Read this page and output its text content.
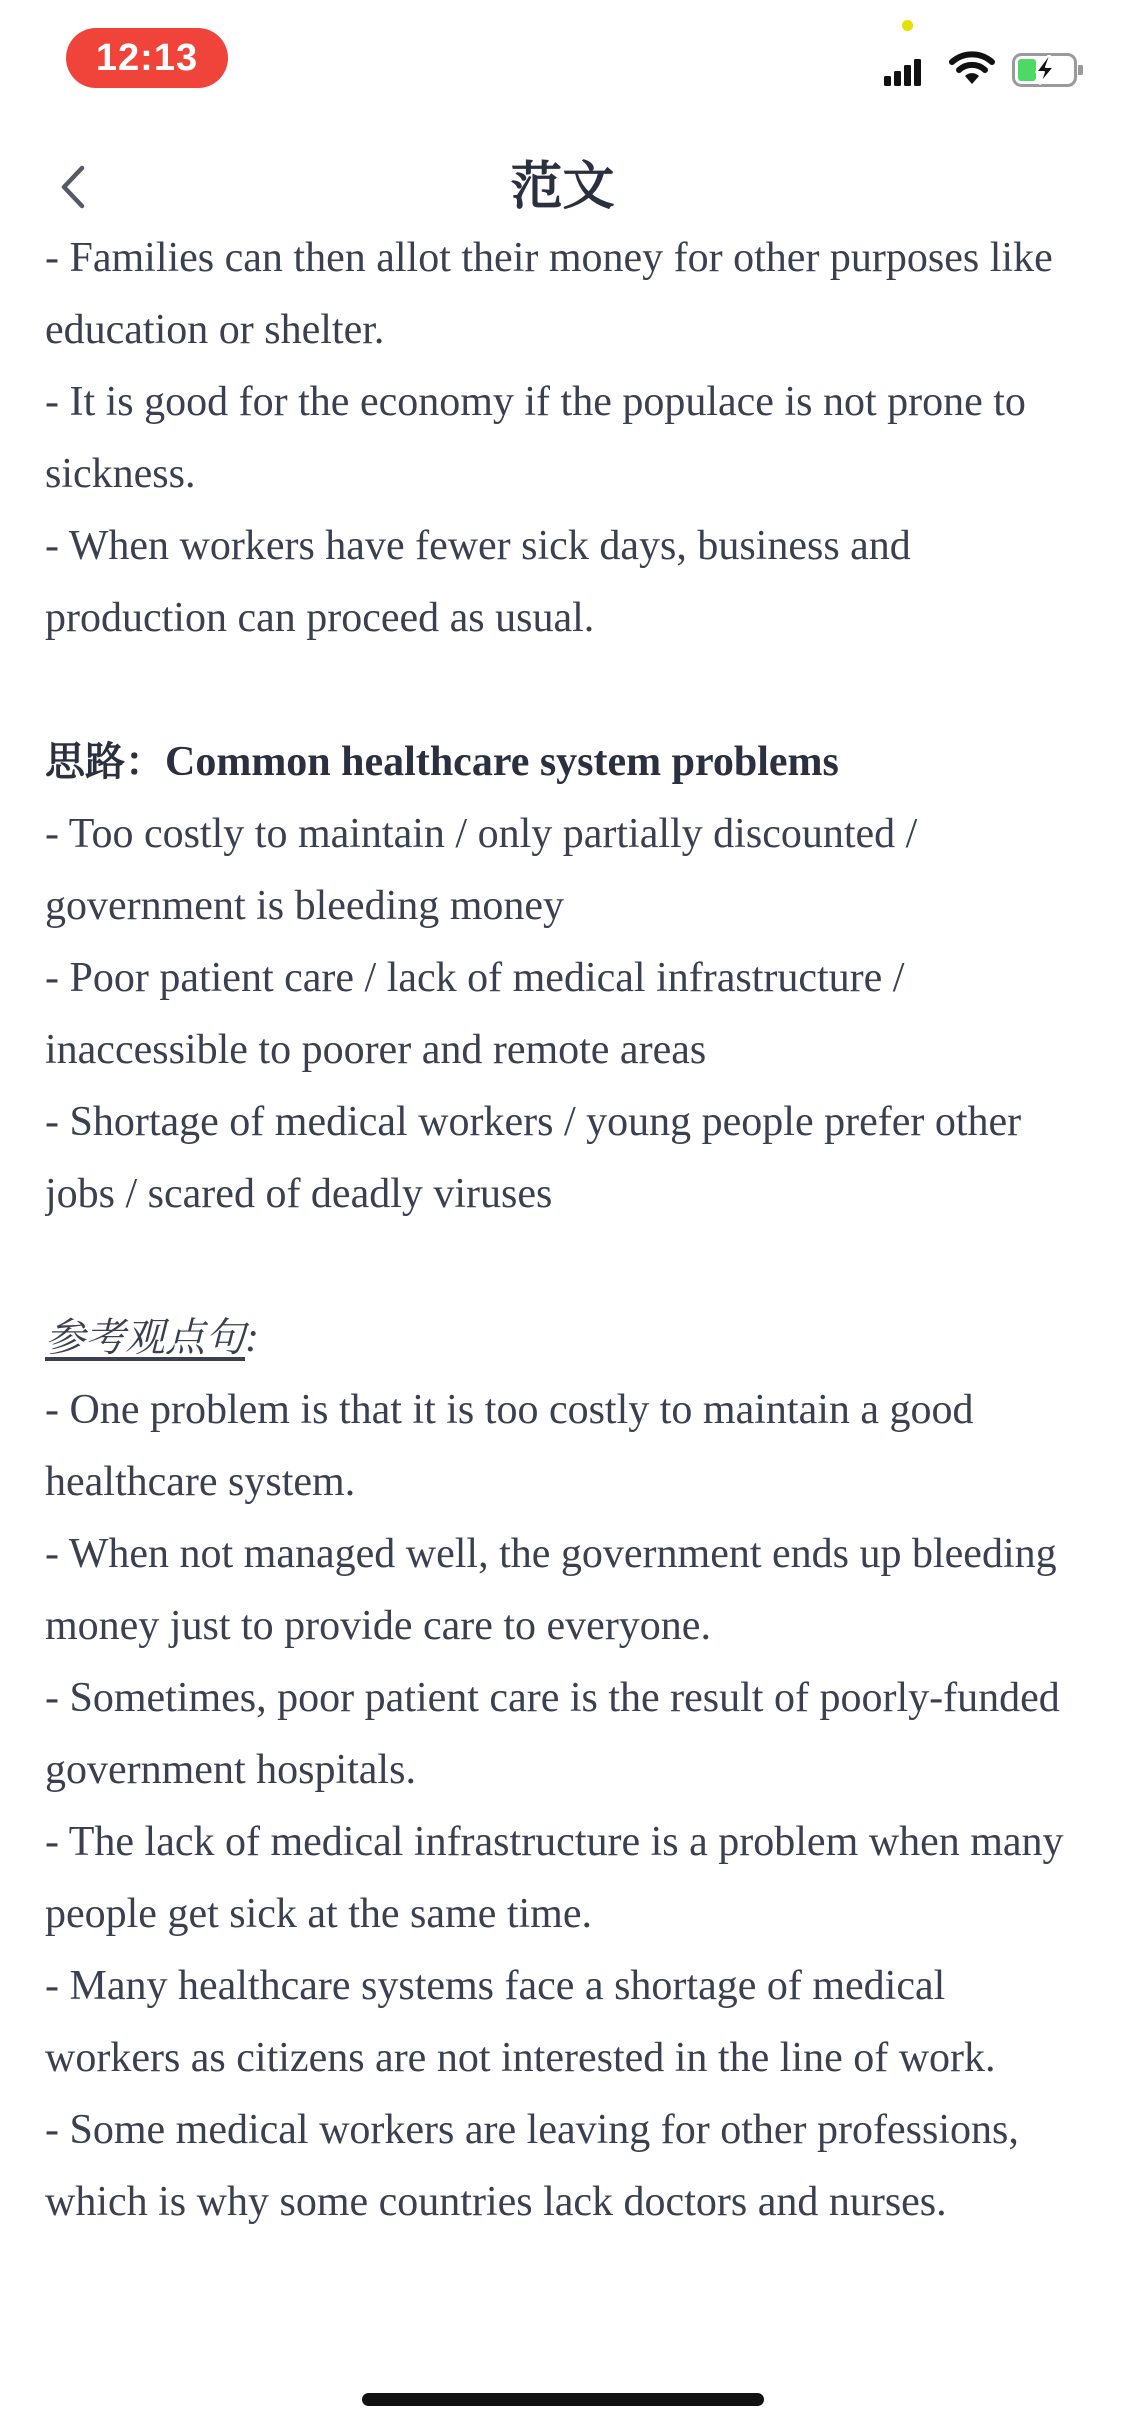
12:13
范文

- Families can then allot their money for other purposes like education or shelter.

- It is good for the economy if the populace is not prone to sickness.

- When workers have fewer sick days, business and production can proceed as usual.

思路：Common healthcare system problems

- Too costly to maintain / only partially discounted / government is bleeding money

- Poor patient care / lack of medical infrastructure / inaccessible to poorer and remote areas

- Shortage of medical workers / young people prefer other jobs / scared of deadly viruses

参考观点句:

- One problem is that it is too costly to maintain a good healthcare system.

- When not managed well, the government ends up bleeding money just to provide care to everyone.

- Sometimes, poor patient care is the result of poorly-funded government hospitals.

- The lack of medical infrastructure is a problem when many people get sick at the same time.

- Many healthcare systems face a shortage of medical workers as citizens are not interested in the line of work.

- Some medical workers are leaving for other professions, which is why some countries lack doctors and nurses.
